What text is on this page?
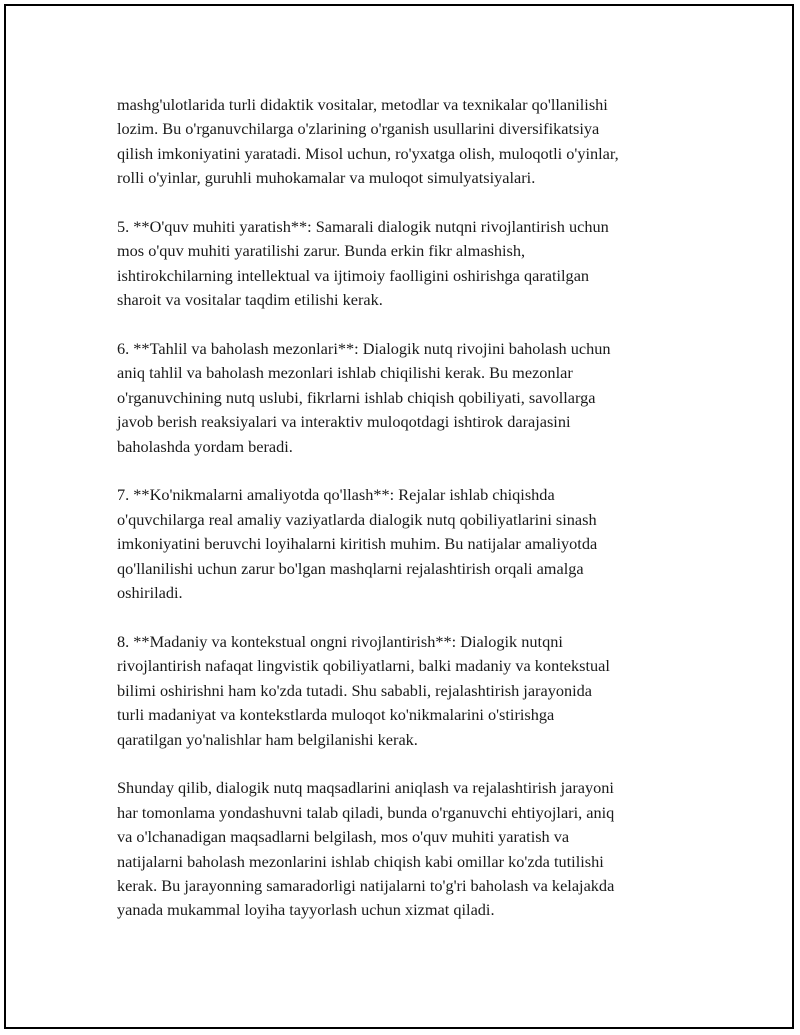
mashg'ulotlarida turli didaktik vositalar, metodlar va texnikalar qo'llanilishi
lozim. Bu o'rganuvchilarga o'zlarining o'rganish usullarini diversifikatsiya
qilish imkoniyatini yaratadi. Misol uchun, ro'yxatga olish, muloqotli o'yinlar,
rolli o'yinlar, guruhli muhokamalar va muloqot simulyatsiyalari.

5. **O'quv muhiti yaratish**: Samarali dialogik nutqni rivojlantirish uchun
mos o'quv muhiti yaratilishi zarur. Bunda erkin fikr almashish,
ishtirokchilarning intellektual va ijtimoiy faolligini oshirishga qaratilgan
sharoit va vositalar taqdim etilishi kerak.

6. **Tahlil va baholash mezonlari**: Dialogik nutq rivojini baholash uchun
aniq tahlil va baholash mezonlari ishlab chiqilishi kerak. Bu mezonlar
o'rganuvchining nutq uslubi, fikrlarni ishlab chiqish qobiliyati, savollarga
javob berish reaksiyalari va interaktiv muloqotdagi ishtirok darajasini
baholashda yordam beradi.

7. **Ko'nikmalarni amaliyotda qo'llash**: Rejalar ishlab chiqishda
o'quvchilarga real amaliy vaziyatlarda dialogik nutq qobiliyatlarini sinash
imkoniyatini beruvchi loyihalarni kiritish muhim. Bu natijalar amaliyotda
qo'llanilishi uchun zarur bo'lgan mashqlarni rejalashtirish orqali amalga
oshiriladi.

8. **Madaniy va kontekstual ongni rivojlantirish**: Dialogik nutqni
rivojlantirish nafaqat lingvistik qobiliyatlarni, balki madaniy va kontekstual
bilimi oshirishni ham ko'zda tutadi. Shu sababli, rejalashtirish jarayonida
turli madaniyat va kontekstlarda muloqot ko'nikmalarini o'stirishga
qaratilgan yo'nalishlar ham belgilanishi kerak.

Shunday qilib, dialogik nutq maqsadlarini aniqlash va rejalashtirish jarayoni
har tomonlama yondashuvni talab qiladi, bunda o'rganuvchi ehtiyojlari, aniq
va o'lchanadigan maqsadlarni belgilash, mos o'quv muhiti yaratish va
natijalarni baholash mezonlarini ishlab chiqish kabi omillar ko'zda tutilishi
kerak. Bu jarayonning samaradorligi natijalarni to'g'ri baholash va kelajakda
yanada mukammal loyiha tayyorlash uchun xizmat qiladi.
